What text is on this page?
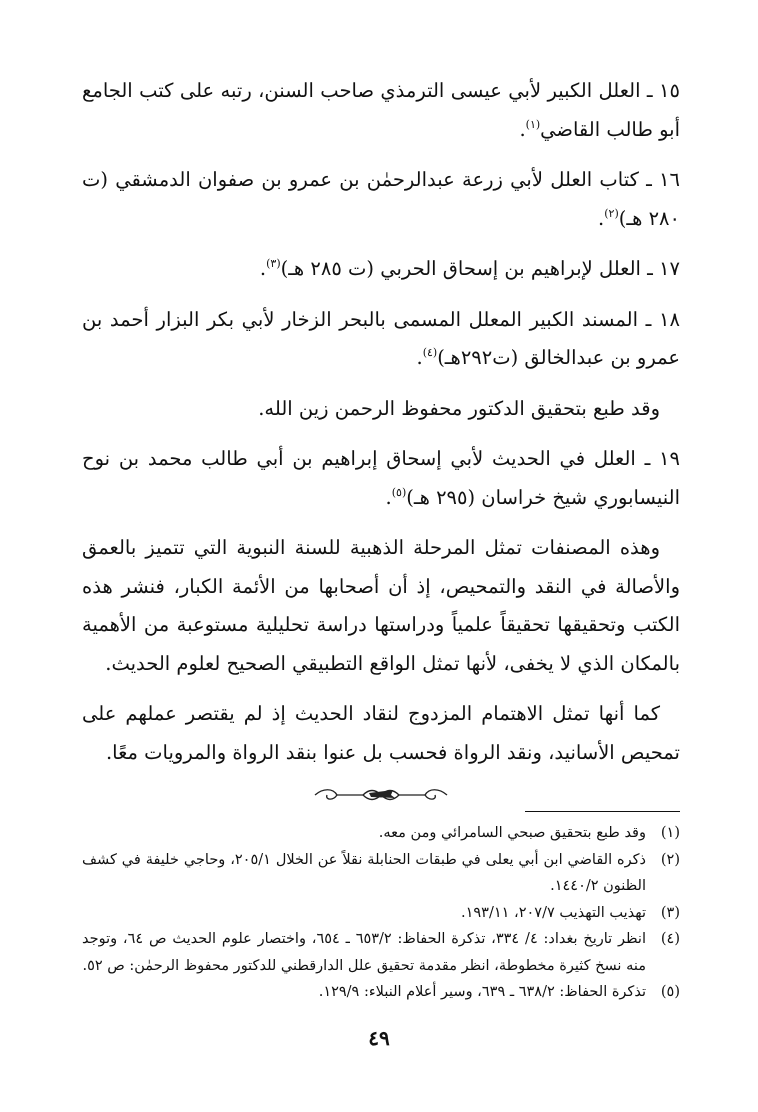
١٥ ـ العلل الكبير لأبي عيسى الترمذي صاحب السنن، رتبه على كتب الجامع أبو طالب القاضي$^{(١)}$.

١٦ ـ كتاب العلل لأبي زرعة عبدالرحمٰن بن عمرو بن صفوان الدمشقي (ت ٢٨٠ هـ)$^{(٢)}$.

١٧ ـ العلل لإبراهيم بن إسحاق الحربي (ت ٢٨٥ هـ)$^{(٣)}$.

١٨ ـ المسند الكبير المعلل المسمى بالبحر الزخار لأبي بكر البزار أحمد بن عمرو بن عبدالخالق (ت٢٩٢هـ)$^{(٤)}$.

وقد طبع بتحقيق الدكتور محفوظ الرحمن زين الله.

١٩ ـ العلل في الحديث لأبي إسحاق إبراهيم بن أبي طالب محمد بن نوح النيسابوري شيخ خراسان (٢٩٥ هـ)$^{(٥)}$.

وهذه المصنفات تمثل المرحلة الذهبية للسنة النبوية التي تتميز بالعمق والأصالة في النقد والتمحيص، إذ أن أصحابها من الأئمة الكبار، فنشر هذه الكتب وتحقيقها تحقيقاً علمياً ودراستها دراسة تحليلية مستوعبة من الأهمية بالمكان الذي لا يخفى، لأنها تمثل الواقع التطبيقي الصحيح لعلوم الحديث.

كما أنها تمثل الاهتمام المزدوج لنقاد الحديث إذ لم يقتصر عملهم على تمحيص الأسانيد، ونقد الرواة فحسب بل عنوا بنقد الرواة والمرويات معًا.

(١)
وقد طبع بتحقيق صبحي السامرائي ومن معه.
(٢)
ذكره القاضي ابن أبي يعلى في طبقات الحنابلة نقلاً عن الخلال ٢٠٥/١، وحاجي خليفة في كشف الظنون ١٤٤٠/٢.
(٣)
تهذيب التهذيب ٢٠٧/٧، ١٩٣/١١.
(٤)
انظر تاريخ بغداد: ٤/ ٣٣٤، تذكرة الحفاظ: ٦٥٣/٢ ـ ٦٥٤، واختصار علوم الحديث ص ٦٤، وتوجد منه نسخ كثيرة مخطوطة، انظر مقدمة تحقيق علل الدارقطني للدكتور محفوظ الرحمٰن: ص ٥٢.
(٥)
تذكرة الحفاظ: ٦٣٨/٢ ـ ٦٣٩، وسير أعلام النبلاء: ١٢٩/٩.
٤٩
